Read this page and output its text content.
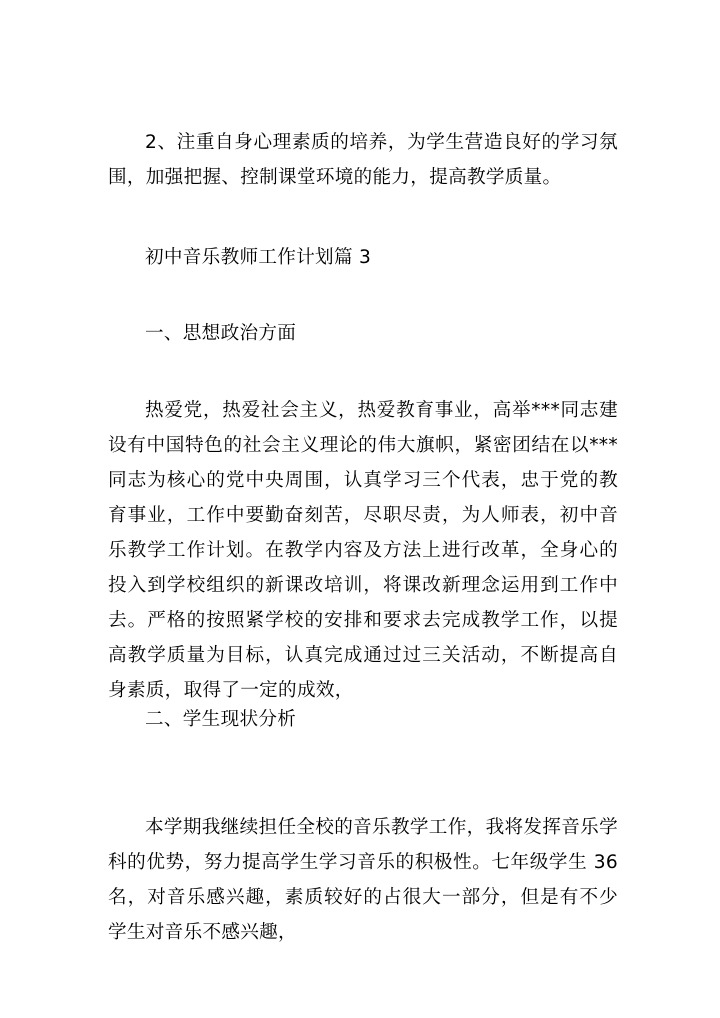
2、注重自身心理素质的培养，为学生营造良好的学习氛围，加强把握、控制课堂环境的能力，提高教学质量。

初中音乐教师工作计划篇 3

一、思想政治方面

热爱党，热爱社会主义，热爱教育事业，高举***同志建设有中国特色的社会主义理论的伟大旗帜，紧密团结在以***同志为核心的党中央周围，认真学习三个代表，忠于党的教育事业，工作中要勤奋刻苦，尽职尽责，为人师表，初中音乐教学工作计划。在教学内容及方法上进行改革，全身心的投入到学校组织的新课改培训，将课改新理念运用到工作中去。严格的按照紧学校的安排和要求去完成教学工作，以提高教学质量为目标，认真完成通过过三关活动，不断提高自身素质，取得了一定的成效，

二、学生现状分析

本学期我继续担任全校的音乐教学工作，我将发挥音乐学科的优势，努力提高学生学习音乐的积极性。七年级学生 36 名，对音乐感兴趣，素质较好的占很大一部分，但是有不少学生对音乐不感兴趣，
